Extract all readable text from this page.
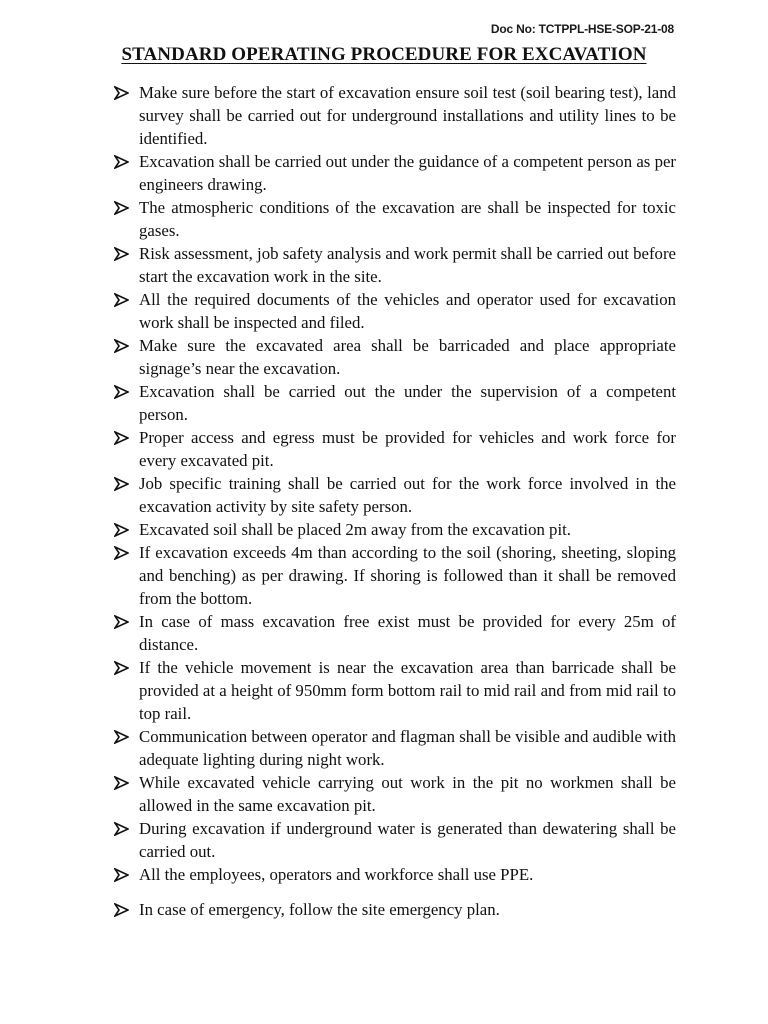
Doc No: TCTPPL-HSE-SOP-21-08
STANDARD OPERATING PROCEDURE FOR EXCAVATION
Make sure before the start of excavation ensure soil test (soil bearing test), land survey shall be carried out for underground installations and utility lines to be identified.
Excavation shall be carried out under the guidance of a competent person as per engineers drawing.
The atmospheric conditions of the excavation are shall be inspected for toxic gases.
Risk assessment, job safety analysis and work permit shall be carried out before start the excavation work in the site.
All the required documents of the vehicles and operator used for excavation work shall be inspected and filed.
Make sure the excavated area shall be barricaded and place appropriate signage’s near the excavation.
Excavation shall be carried out the under the supervision of a competent person.
Proper access and egress must be provided for vehicles and work force for every excavated pit.
Job specific training shall be carried out for the work force involved in the excavation activity by site safety person.
Excavated soil shall be placed 2m away from the excavation pit.
If excavation exceeds 4m than according to the soil (shoring, sheeting, sloping and benching) as per drawing. If shoring is followed than it shall be removed from the bottom.
In case of mass excavation free exist must be provided for every 25m of distance.
If the vehicle movement is near the excavation area than barricade shall be provided at a height of 950mm form bottom rail to mid rail and from mid rail to top rail.
Communication between operator and flagman shall be visible and audible with adequate lighting during night work.
While excavated vehicle carrying out work in the pit no workmen shall be allowed in the same excavation pit.
During excavation if underground water is generated than dewatering shall be carried out.
All the employees, operators and workforce shall use PPE.
In case of emergency, follow the site emergency plan.
